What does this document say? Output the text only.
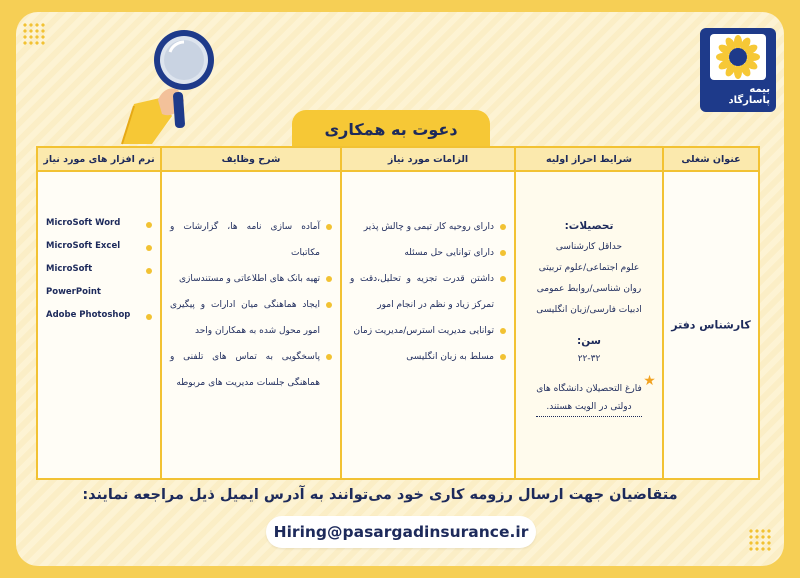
بیمه پاسارگاد
دعوت به همکاری
عنوان شغلی
کارشناس دفتر
شرایط احراز اولیه
تحصیلات:
حداقل کارشناسی
علوم اجتماعی/علوم تربیتی
روان شناسی/روابط عمومی
ادبیات فارسی/زبان انگلیسی
سن:
۲۲-۳۲
★
فارغ التحصیلان دانشگاه های
دولتی در الویت هستند.
الزامات مورد نیاز
دارای روحیه کار تیمی و چالش پذیر
دارای توانایی حل مسئله
داشتن قدرت تجزیه و تحلیل،دقت و تمرکز زیاد و نظم در انجام امور
توانایی مدیریت استرس/مدیریت زمان
مسلط به زبان انگلیسی
شرح وظایف
آماده سازی نامه ها، گزارشات و مکاتبات
تهیه بانک های اطلاعاتی و مستندسازی
ایجاد هماهنگی میان ادارات و پیگیری امور محول شده به همکاران واحد
پاسخگویی به تماس های تلفنی و هماهنگی جلسات مدیریت های مربوطه
نرم افزار های مورد نیاز
MicroSoft Word
MicroSoft Excel
MicroSoft PowerPoint
Adobe Photoshop
متقاضیان جهت ارسال رزومه کاری خود می‌توانند به آدرس ایمیل ذیل مراجعه نمایند:
Hiring@pasargadinsurance.ir
